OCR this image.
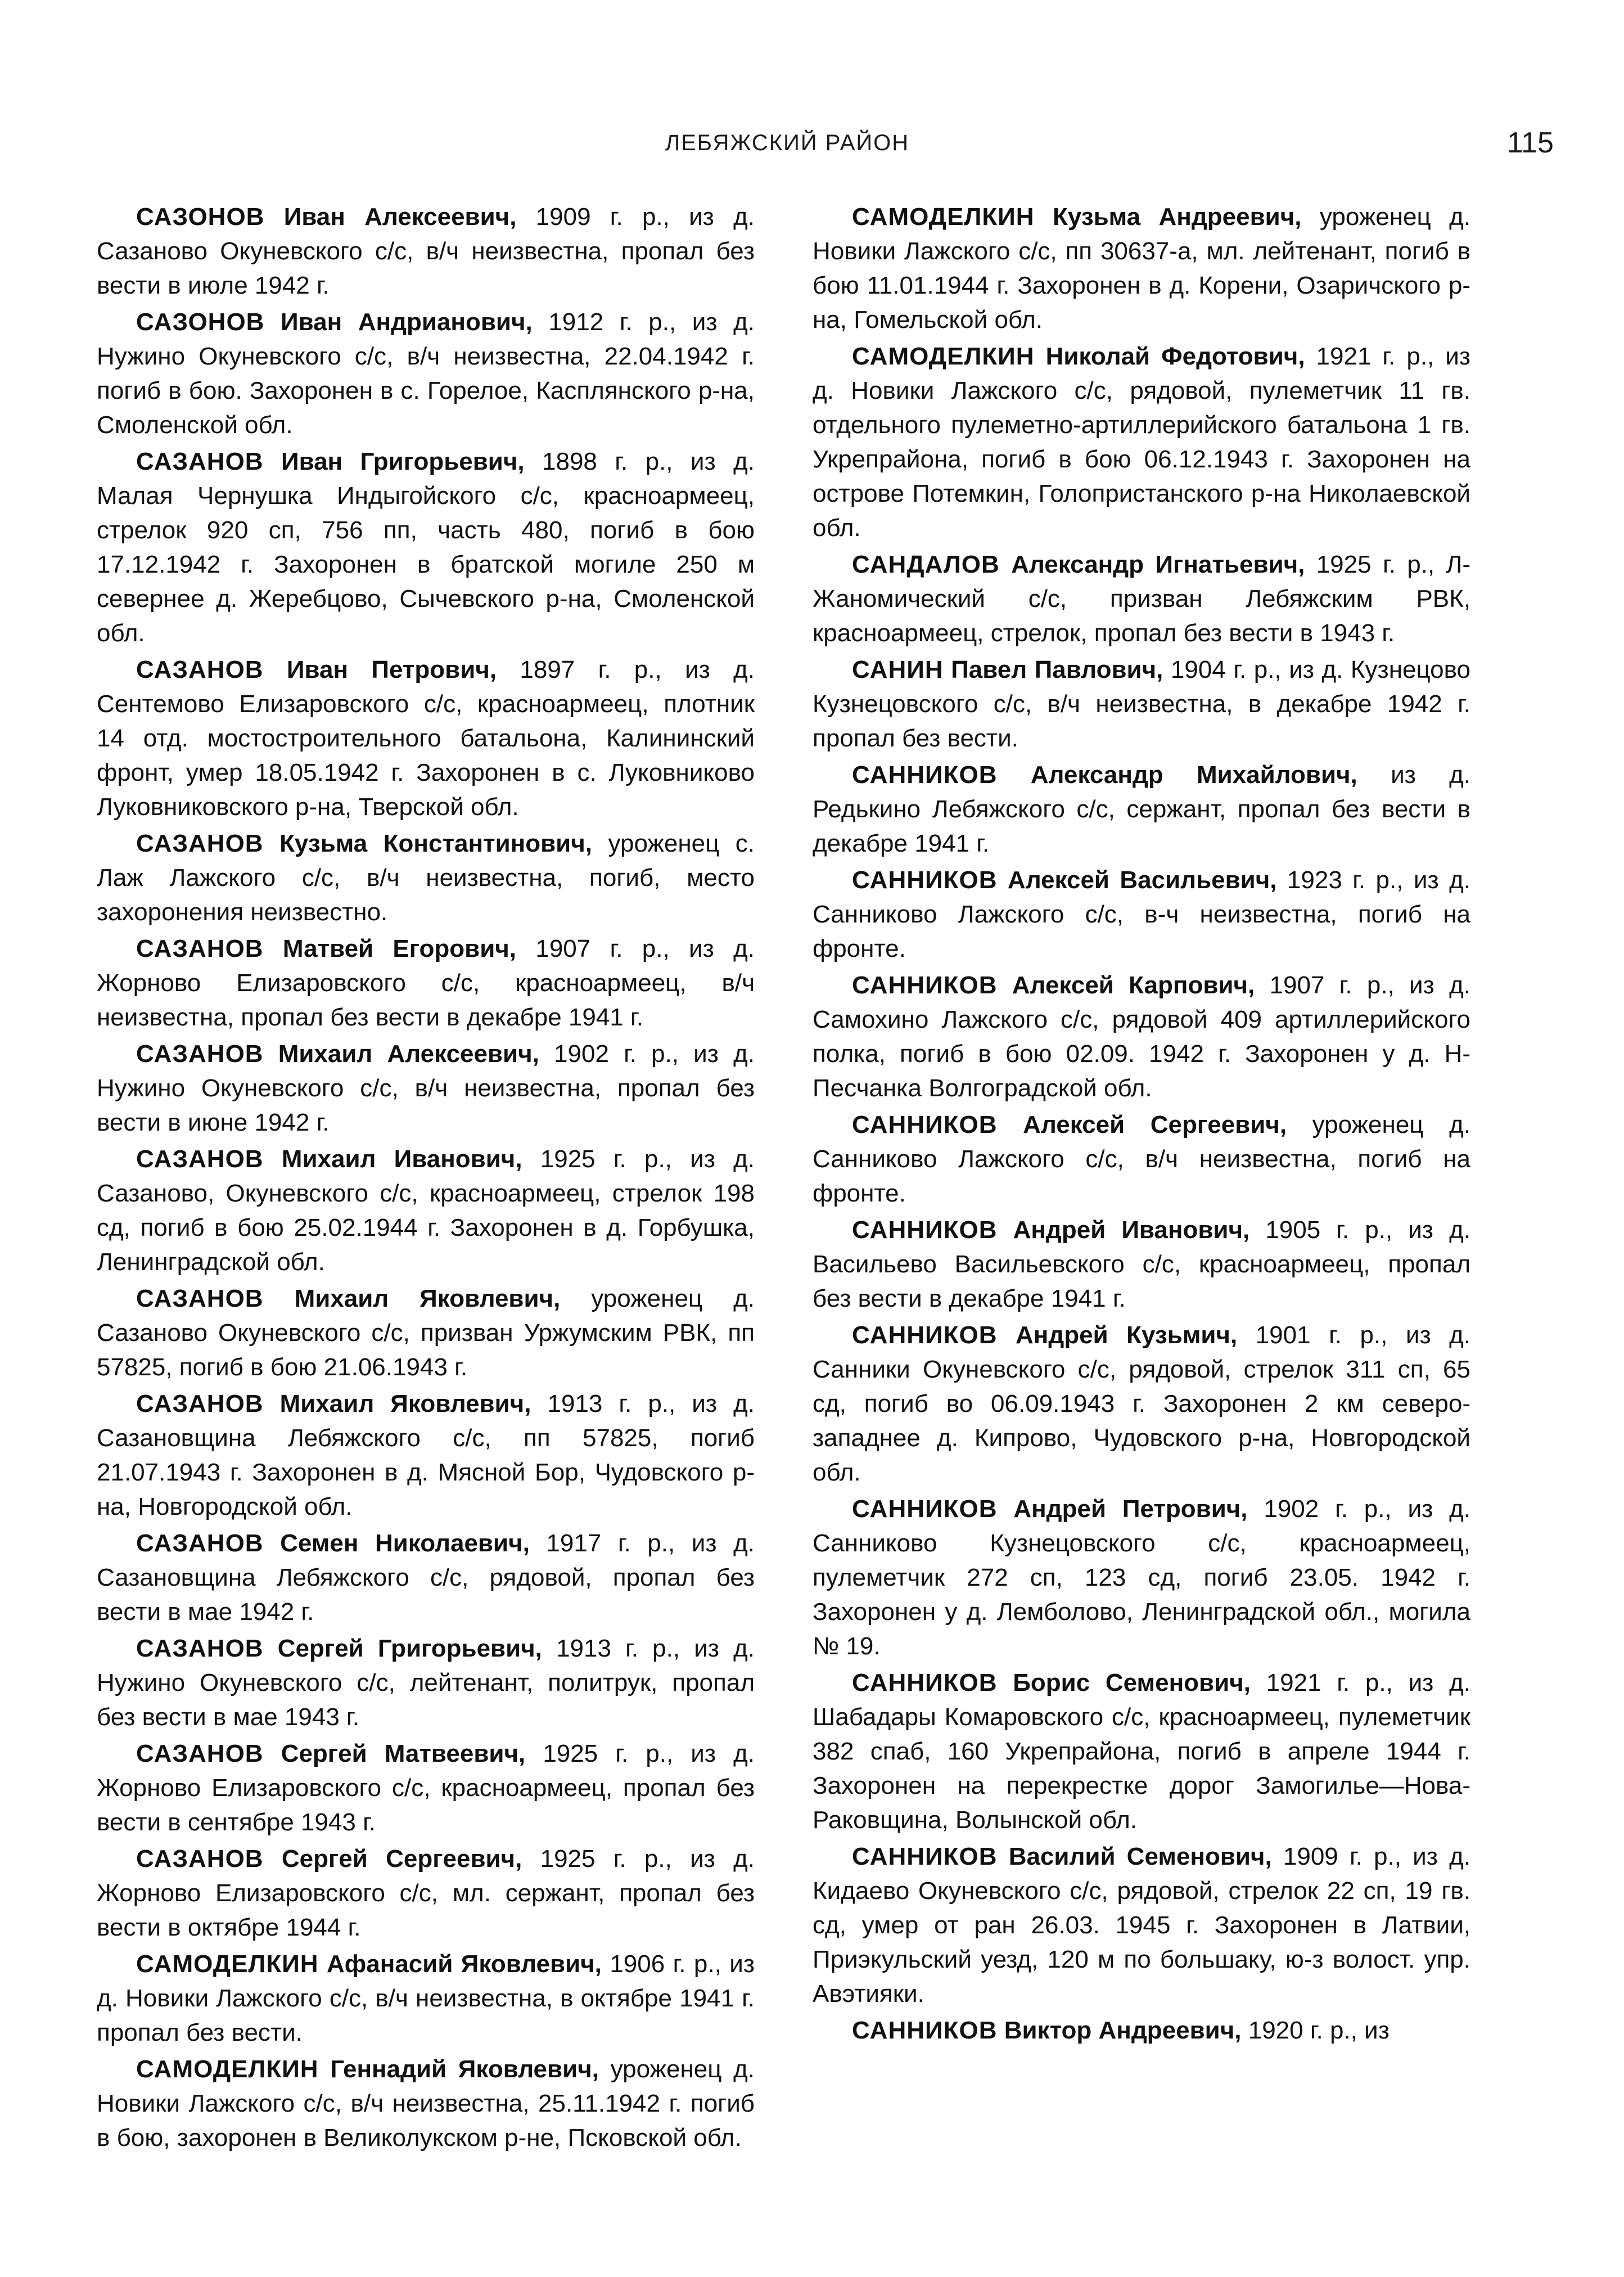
ЛЕБЯЖСКИЙ РАЙОН	115

САЗОНОВ Иван Алексеевич, 1909 г. р., из д. Сазаново Окуневского с/с, в/ч неизвестна, пропал без вести в июле 1942 г.

САЗОНОВ Иван Андрианович, 1912 г. р., из д. Нужино Окуневского с/с, в/ч неизвестна, 22.04.1942 г. погиб в бою. Захоронен в с. Горелое, Касплянского р-на, Смоленской обл.

САЗАНОВ Иван Григорьевич, 1898 г. р., из д. Малая Чернушка Индыгойского с/с, красноармеец, стрелок 920 сп, 756 пп, часть 480, погиб в бою 17.12.1942 г. Захоронен в братской могиле 250 м севернее д. Жеребцово, Сычевского р-на, Смоленской обл.

САЗАНОВ Иван Петрович, 1897 г. р., из д. Сентемово Елизаровского с/с, красноармеец, плотник 14 отд. мостостроительного батальона, Калининский фронт, умер 18.05.1942 г. Захоронен в с. Луковниково Луковниковского р-на, Тверской обл.

САЗАНОВ Кузьма Константинович, уроженец с. Лаж Лажского с/с, в/ч неизвестна, погиб, место захоронения неизвестно.

САЗАНОВ Матвей Егорович, 1907 г. р., из д. Жорново Елизаровского с/с, красноармеец, в/ч неизвестна, пропал без вести в декабре 1941 г.

САЗАНОВ Михаил Алексеевич, 1902 г. р., из д. Нужино Окуневского с/с, в/ч неизвестна, пропал без вести в июне 1942 г.

САЗАНОВ Михаил Иванович, 1925 г. р., из д. Сазаново, Окуневского с/с, красноармеец, стрелок 198 сд, погиб в бою 25.02.1944 г. Захоронен в д. Горбушка, Ленинградской обл.

САЗАНОВ Михаил Яковлевич, уроженец д. Сазаново Окуневского с/с, призван Уржумским РВК, пп 57825, погиб в бою 21.06.1943 г.

САЗАНОВ Михаил Яковлевич, 1913 г. р., из д. Сазановщина Лебяжского с/с, пп 57825, погиб 21.07.1943 г. Захоронен в д. Мясной Бор, Чудовского р-на, Новгородской обл.

САЗАНОВ Семен Николаевич, 1917 г. р., из д. Сазановщина Лебяжского с/с, рядовой, пропал без вести в мае 1942 г.

САЗАНОВ Сергей Григорьевич, 1913 г. р., из д. Нужино Окуневского с/с, лейтенант, политрук, пропал без вести в мае 1943 г.

САЗАНОВ Сергей Матвеевич, 1925 г. р., из д. Жорново Елизаровского с/с, красноармеец, пропал без вести в сентябре 1943 г.

САЗАНОВ Сергей Сергеевич, 1925 г. р., из д. Жорново Елизаровского с/с, мл. сержант, пропал без вести в октябре 1944 г.

САМОДЕЛКИН Афанасий Яковлевич, 1906 г. р., из д. Новики Лажского с/с, в/ч неизвестна, в октябре 1941 г. пропал без вести.

САМОДЕЛКИН Геннадий Яковлевич, уроженец д. Новики Лажского с/с, в/ч неизвестна, 25.11.1942 г. погиб в бою, захоронен в Великолукском р-не, Псковской обл.

САМОДЕЛКИН Кузьма Андреевич, уроженец д. Новики Лажского с/с, пп 30637-а, мл. лейтенант, погиб в бою 11.01.1944 г. Захоронен в д. Корени, Озаричского р-на, Гомельской обл.

САМОДЕЛКИН Николай Федотович, 1921 г. р., из д. Новики Лажского с/с, рядовой, пулеметчик 11 гв. отдельного пулеметно-артиллерийского батальона 1 гв. Укрепрайона, погиб в бою 06.12.1943 г. Захоронен на острове Потемкин, Голопристанского р-на Николаевской обл.

САНДАЛОВ Александр Игнатьевич, 1925 г. р., Л-Жаномический с/с, призван Лебяжским РВК, красноармеец, стрелок, пропал без вести в 1943 г.

САНИН Павел Павлович, 1904 г. р., из д. Кузнецово Кузнецовского с/с, в/ч неизвестна, в декабре 1942 г. пропал без вести.

САННИКОВ Александр Михайлович, из д. Редькино Лебяжского с/с, сержант, пропал без вести в декабре 1941 г.

САННИКОВ Алексей Васильевич, 1923 г. р., из д. Санниково Лажского с/с, в-ч неизвестна, погиб на фронте.

САННИКОВ Алексей Карпович, 1907 г. р., из д. Самохино Лажского с/с, рядовой 409 артиллерийского полка, погиб в бою 02.09. 1942 г. Захоронен у д. Н-Песчанка Волгоградской обл.

САННИКОВ Алексей Сергеевич, уроженец д. Санниково Лажского с/с, в/ч неизвестна, погиб на фронте.

САННИКОВ Андрей Иванович, 1905 г. р., из д. Васильево Васильевского с/с, красноармеец, пропал без вести в декабре 1941 г.

САННИКОВ Андрей Кузьмич, 1901 г. р., из д. Санники Окуневского с/с, рядовой, стрелок 311 сп, 65 сд, погиб во 06.09.1943 г. Захоронен 2 км северо-западнее д. Кипрово, Чудовского р-на, Новгородской обл.

САННИКОВ Андрей Петрович, 1902 г. р., из д. Санниково Кузнецовского с/с, красноармеец, пулеметчик 272 сп, 123 сд, погиб 23.05. 1942 г. Захоронен у д. Лемболово, Ленинградской обл., могила № 19.

САННИКОВ Борис Семенович, 1921 г. р., из д. Шабадары Комаровского с/с, красноармеец, пулеметчик 382 спаб, 160 Укрепрайона, погиб в апреле 1944 г. Захоронен на перекрестке дорог Замогилье—Нова-Раковщина, Волынской обл.

САННИКОВ Василий Семенович, 1909 г. р., из д. Кидаево Окуневского с/с, рядовой, стрелок 22 сп, 19 гв. сд, умер от ран 26.03. 1945 г. Захоронен в Латвии, Приэкульский уезд, 120 м по большаку, ю-з волост. упр. Авэтияки.

САННИКОВ Виктор Андреевич, 1920 г. р., из
